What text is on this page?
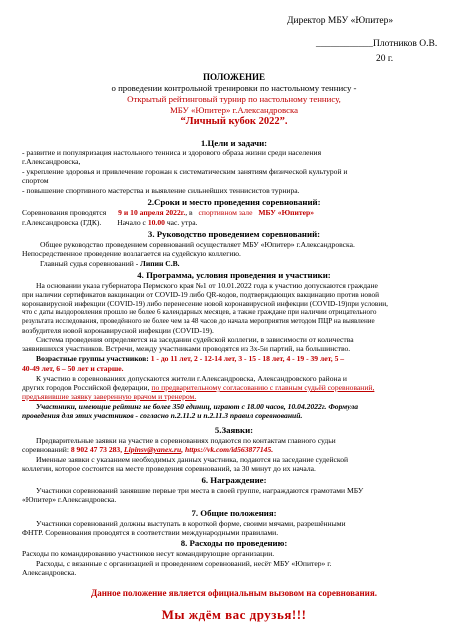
Директор МБУ «Юпитер»
____________Плотников О.В.
20 г.
ПОЛОЖЕНИЕ
о проведении контрольной тренировки по настольному теннису -
Открытый рейтинговый турнир по настольному теннису,
МБУ «Юпитер» г.Александровска
“Личный кубок 2022”.
1.Цели и задачи:
- развитие и популяризация настольного тенниса и здорового образа жизни среди населения
г.Александровска,
- укрепление здоровья и привлечение горожан к систематическим занятиям физической культурой и
спортом
- повышение спортивного мастерства и выявление сильнейших теннисистов турнира.
2.Сроки и место проведения соревнований:
Соревнования проводятся 9 и 10 апреля 2022г., в спортивном зале МБУ «Юпитер»
г.Александровска (ГДК). Начало с 10.00 час. утра.
3. Руководство проведением соревнований:
Общее руководство проведением соревнований осуществляет МБУ «Юпитер» г.Александровска.
Непосредственное проведение возлагается на судейскую коллегию.
Главный судья соревнований - Липин С.В.
4. Программа, условия проведения и участники:
На основании указа губернатора Пермского края №1 от 10.01.2022 года к участию допускаются граждане
при наличии сертификатов вакцинации от COVID-19 либо QR-кодов, подтверждающих вакцинацию против новой
коронавирусной инфекции (COVID-19) либо перенесение новой коронавирусной инфекции (COVID-19)при условии,
что с даты выздоровления прошло не более 6 календарных месяцев, а также граждане при наличии отрицательного
результата исследования, проведённого не более чем за 48 часов до начала мероприятия методом ПЦР на выявление
возбудителя новой коронавирусной инфекции (COVID-19).
Система проведения определяется на заседании судейской коллегии, в зависимости от количества
заявившихся участников. Встречи, между участниками проводятся из 3х-5и партий, на большинство.
Возрастные группы участников: 1 - до 11 лет, 2 - 12-14 лет, 3 - 15 - 18 лет, 4 - 19 - 39 лет, 5 –
40-49 лет, 6 – 50 лет и старше.
К участию в соревнованиях допускаются жители г.Александровска, Александровского района и
других городов Российской федерации, по предварительному согласованию с главным судьёй соревнований,
предъявившие заявку заверенную врачом и тренером.
Участники, имеющие рейтинг не более 350 единиц, играют с 18.00 часов, 10.04.2022г. Формула
проведения для этих участников - согласно п.2.11.2 и п.2.11.3 правил соревнований.
5.Заявки:
Предварительные заявки на участие в соревнованиях подаются по контактам главного судьи
соревнований: 8 902 47 73 283, Lipinsv@yanex.ru, https://vk.com/id563877145.
Именные заявки с указанием необходимых данных участника, подаются на заседание судейской
коллегии, которое состоится на месте проведения соревнований, за 30 минут до их начала.
6. Награждение:
Участники соревнований занявшие первые три места в своей группе, награждаются грамотами МБУ
«Юпитер» г.Александровска.
7. Общие положения:
Участники соревнований должны выступать в короткой форме, своими мячами, разрешёнными
ФНТР. Соревнования проводятся в соответствии международными правилами.
8. Расходы по проведению:
Расходы по командированию участников несут командирующие организации.
Расходы, с вязанные с организацией и проведением соревнований, несёт МБУ «Юпитер» г.
Александровска.
Данное положение является официальным вызовом на соревнования.
Мы ждём вас друзья!!!
